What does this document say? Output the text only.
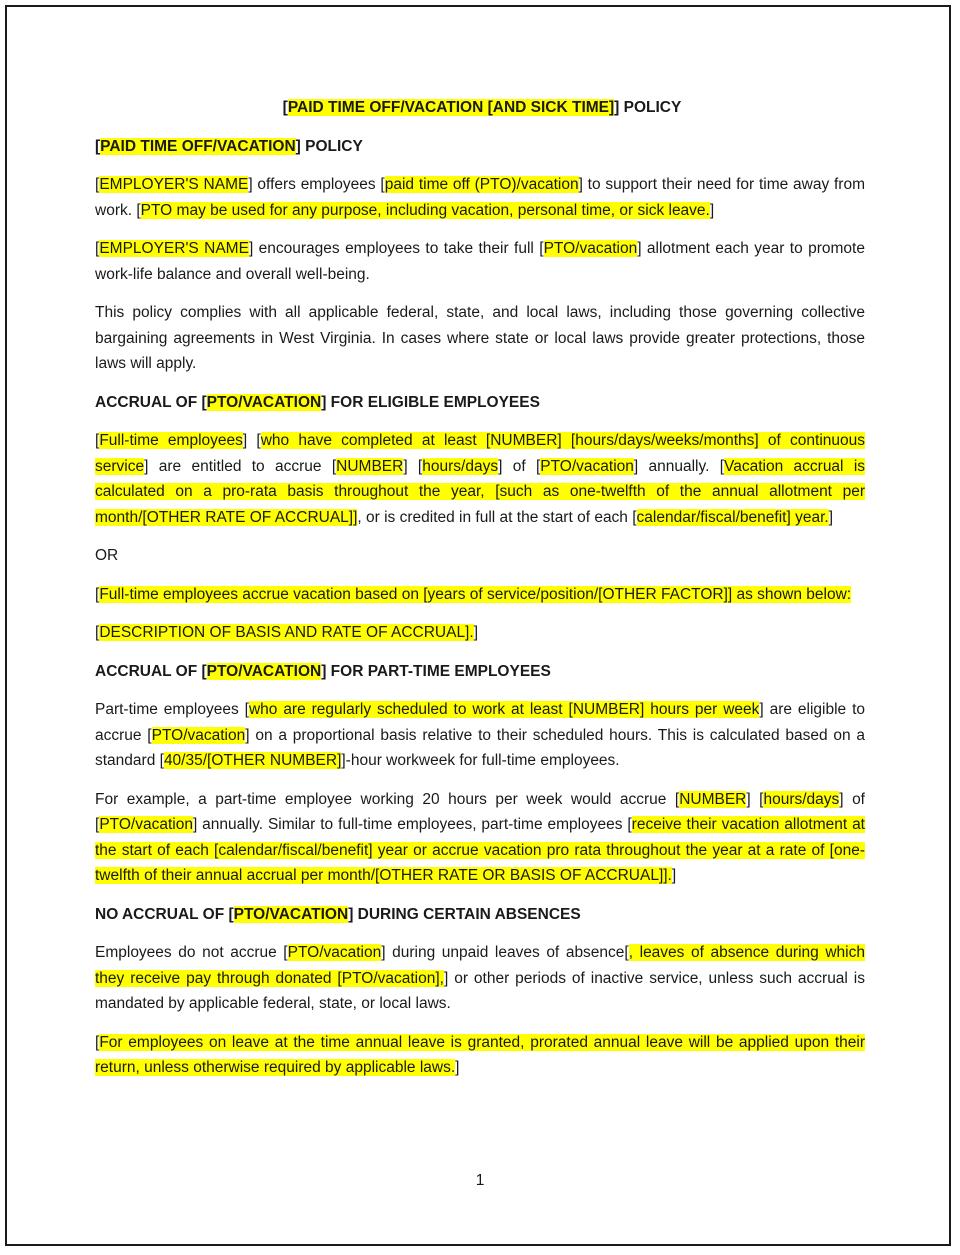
[PAID TIME OFF/VACATION [AND SICK TIME]] POLICY
[PAID TIME OFF/VACATION] POLICY

[EMPLOYER'S NAME] offers employees [paid time off (PTO)/vacation] to support their need for time away from work. [PTO may be used for any purpose, including vacation, personal time, or sick leave.]

[EMPLOYER'S NAME] encourages employees to take their full [PTO/vacation] allotment each year to promote work-life balance and overall well-being.

This policy complies with all applicable federal, state, and local laws, including those governing collective bargaining agreements in West Virginia. In cases where state or local laws provide greater protections, those laws will apply.

ACCRUAL OF [PTO/VACATION] FOR ELIGIBLE EMPLOYEES

[Full-time employees] [who have completed at least [NUMBER] [hours/days/weeks/months] of continuous service] are entitled to accrue [NUMBER] [hours/days] of [PTO/vacation] annually. [Vacation accrual is calculated on a pro-rata basis throughout the year, [such as one-twelfth of the annual allotment per month/[OTHER RATE OF ACCRUAL]], or is credited in full at the start of each [calendar/fiscal/benefit] year.]

OR

[Full-time employees accrue vacation based on [years of service/position/[OTHER FACTOR]] as shown below:

[DESCRIPTION OF BASIS AND RATE OF ACCRUAL].]

ACCRUAL OF [PTO/VACATION] FOR PART-TIME EMPLOYEES

Part-time employees [who are regularly scheduled to work at least [NUMBER] hours per week] are eligible to accrue [PTO/vacation] on a proportional basis relative to their scheduled hours. This is calculated based on a standard [40/35/[OTHER NUMBER]]-hour workweek for full-time employees.

For example, a part-time employee working 20 hours per week would accrue [NUMBER] [hours/days] of [PTO/vacation] annually. Similar to full-time employees, part-time employees [receive their vacation allotment at the start of each [calendar/fiscal/benefit] year or accrue vacation pro rata throughout the year at a rate of [one-twelfth of their annual accrual per month/[OTHER RATE OR BASIS OF ACCRUAL]].]

NO ACCRUAL OF [PTO/VACATION] DURING CERTAIN ABSENCES

Employees do not accrue [PTO/vacation] during unpaid leaves of absence[, leaves of absence during which they receive pay through donated [PTO/vacation],] or other periods of inactive service, unless such accrual is mandated by applicable federal, state, or local laws.

[For employees on leave at the time annual leave is granted, prorated annual leave will be applied upon their return, unless otherwise required by applicable laws.]

1
